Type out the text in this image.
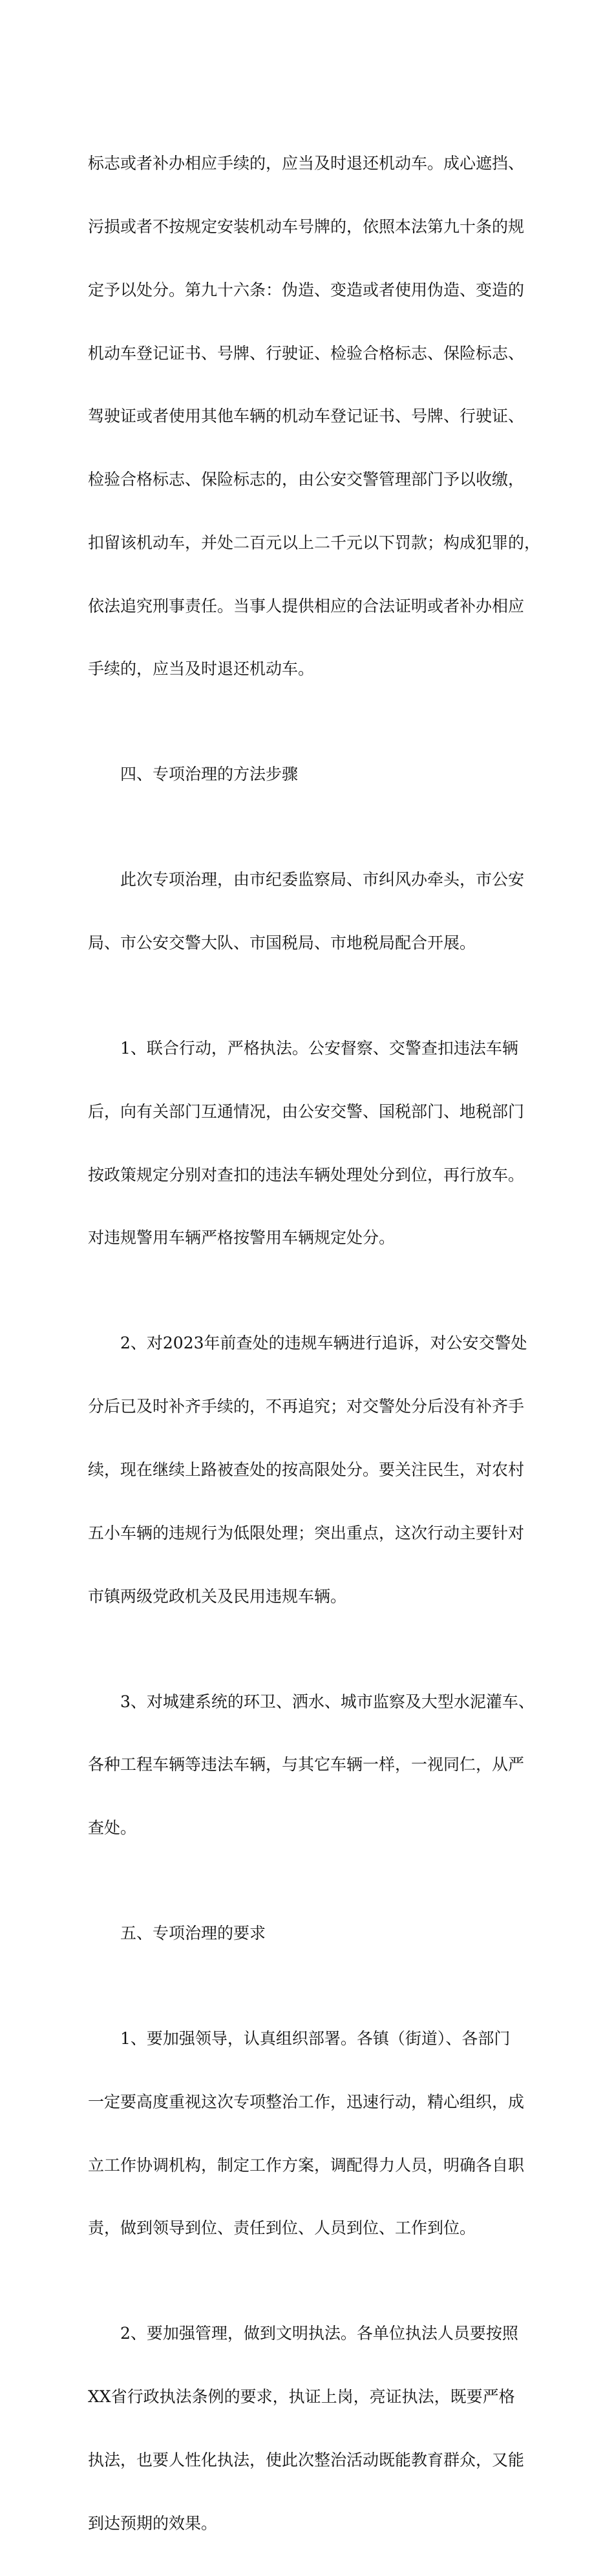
标志或者补办相应手续的，应当及时退还机动车。成心遮挡、

污损或者不按规定安装机动车号牌的，依照本法第九十条的规

定予以处分。第九十六条：伪造、变造或者使用伪造、变造的

机动车登记证书、号牌、行驶证、检验合格标志、保险标志、

驾驶证或者使用其他车辆的机动车登记证书、号牌、行驶证、

检验合格标志、保险标志的，由公安交警管理部门予以收缴，

扣留该机动车，并处二百元以上二千元以下罚款；构成犯罪的，

依法追究刑事责任。当事人提供相应的合法证明或者补办相应

手续的，应当及时退还机动车。

四、专项治理的方法步骤

此次专项治理，由市纪委监察局、市纠风办牵头，市公安

局、市公安交警大队、市国税局、市地税局配合开展。

1、联合行动，严格执法。公安督察、交警查扣违法车辆

后，向有关部门互通情况，由公安交警、国税部门、地税部门

按政策规定分别对查扣的违法车辆处理处分到位，再行放车。

对违规警用车辆严格按警用车辆规定处分。

2、对2023年前查处的违规车辆进行追诉，对公安交警处

分后已及时补齐手续的，不再追究；对交警处分后没有补齐手

续，现在继续上路被查处的按高限处分。要关注民生，对农村

五小车辆的违规行为低限处理；突出重点，这次行动主要针对

市镇两级党政机关及民用违规车辆。

3、对城建系统的环卫、洒水、城市监察及大型水泥灌车、

各种工程车辆等违法车辆，与其它车辆一样，一视同仁，从严

查处。

五、专项治理的要求

1、要加强领导，认真组织部署。各镇（街道）、各部门

一定要高度重视这次专项整治工作，迅速行动，精心组织，成

立工作协调机构，制定工作方案，调配得力人员，明确各自职

责，做到领导到位、责任到位、人员到位、工作到位。

2、要加强管理，做到文明执法。各单位执法人员要按照

XX省行政执法条例的要求，执证上岗，亮证执法，既要严格

执法，也要人性化执法，使此次整治活动既能教育群众，又能

到达预期的效果。
